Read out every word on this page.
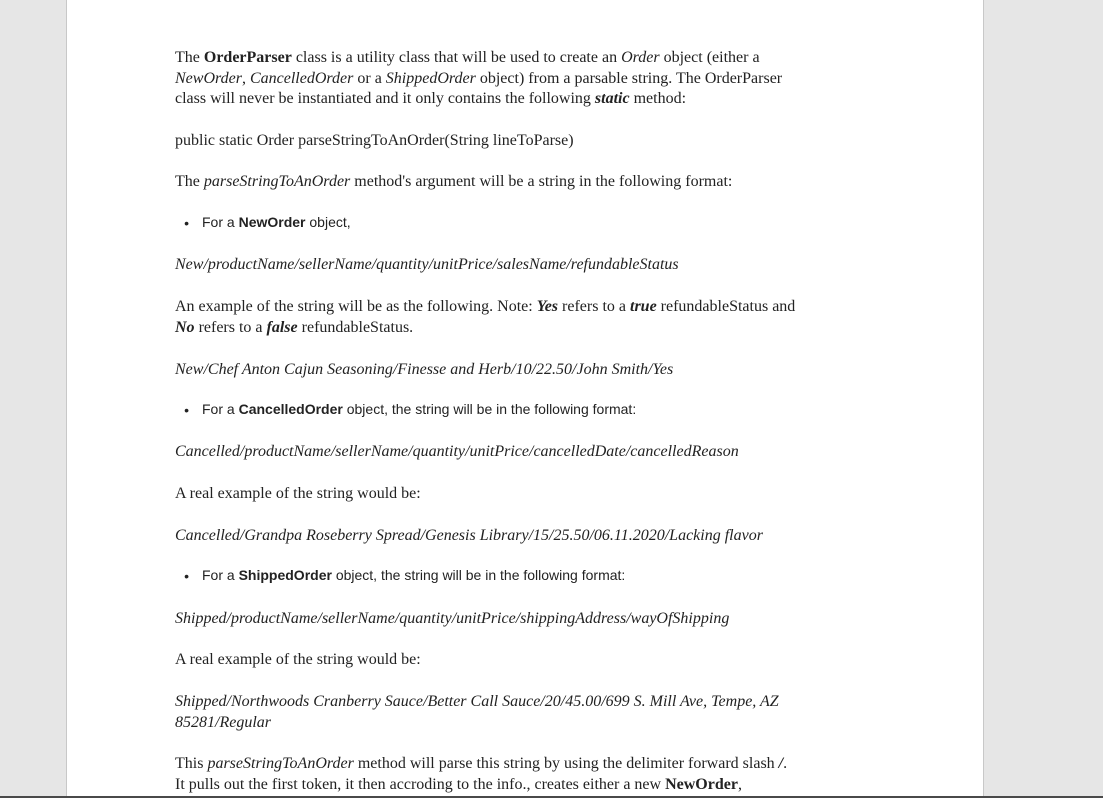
The OrderParser class is a utility class that will be used to create an Order object (either a
NewOrder, CancelledOrder or a ShippedOrder object) from a parsable string. The OrderParser
class will never be instantiated and it only contains the following static method:
public static Order parseStringToAnOrder(String lineToParse)
The parseStringToAnOrder method's argument will be a string in the following format:
• For a NewOrder object,
New/productName/sellerName/quantity/unitPrice/salesName/refundableStatus
An example of the string will be as the following. Note: Yes refers to a true refundableStatus and
No refers to a false refundableStatus.
New/Chef Anton Cajun Seasoning/Finesse and Herb/10/22.50/John Smith/Yes
• For a CancelledOrder object, the string will be in the following format:
Cancelled/productName/sellerName/quantity/unitPrice/cancelledDate/cancelledReason
A real example of the string would be:
Cancelled/Grandpa Roseberry Spread/Genesis Library/15/25.50/06.11.2020/Lacking flavor
• For a ShippedOrder object, the string will be in the following format:
Shipped/productName/sellerName/quantity/unitPrice/shippingAddress/wayOfShipping
A real example of the string would be:
Shipped/Northwoods Cranberry Sauce/Better Call Sauce/20/45.00/699 S. Mill Ave, Tempe, AZ
85281/Regular
This parseStringToAnOrder method will parse this string by using the delimiter forward slash /.
It pulls out the first token, it then accroding to the info., creates either a new NewOrder,
